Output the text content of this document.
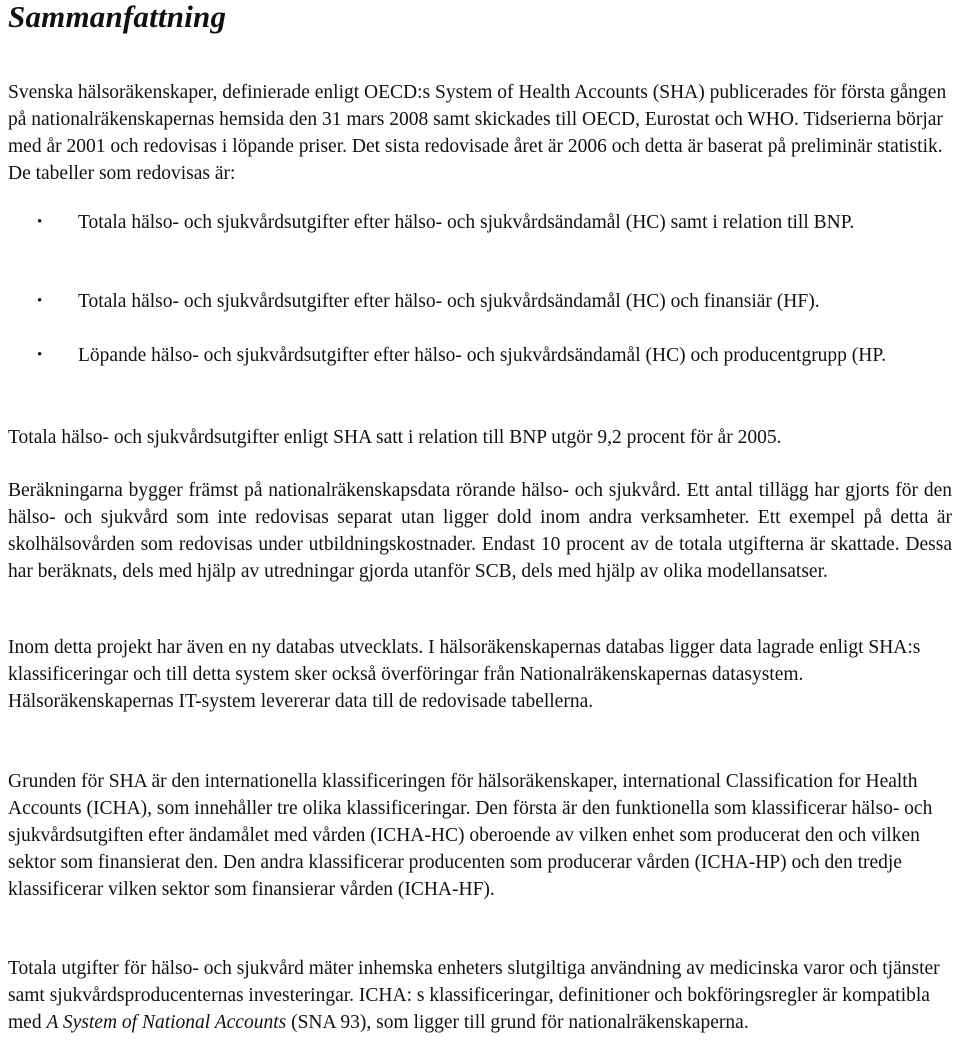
Sammanfattning

Svenska hälsoräkenskaper, definierade enligt OECD:s System of Health Accounts (SHA) publicerades för första gången på nationalräkenskapernas hemsida den 31 mars 2008 samt skickades till OECD, Eurostat och WHO. Tidserierna börjar med år 2001 och redovisas i löpande priser. Det sista redovisade året är 2006 och detta är baserat på preliminär statistik. De tabeller som redovisas är:

• Totala hälso- och sjukvårdsutgifter efter hälso- och sjukvårdsändamål (HC) samt i relation till BNP.
• Totala hälso- och sjukvårdsutgifter efter hälso- och sjukvårdsändamål (HC) och finansiär (HF).
• Löpande hälso- och sjukvårdsutgifter efter hälso- och sjukvårdsändamål (HC) och producentgrupp (HP.

Totala hälso- och sjukvårdsutgifter enligt SHA satt i relation till BNP utgör 9,2 procent för år 2005.

Beräkningarna bygger främst på nationalräkenskapsdata rörande hälso- och sjukvård. Ett antal tillägg har gjorts för den hälso- och sjukvård som inte redovisas separat utan ligger dold inom andra verksamheter. Ett exempel på detta är skolhälsovården som redovisas under utbildningskostnader. Endast 10 procent av de totala utgifterna är skattade. Dessa har beräknats, dels med hjälp av utredningar gjorda utanför SCB, dels med hjälp av olika modellansatser.

Inom detta projekt har även en ny databas utvecklats. I hälsoräkenskapernas databas ligger data lagrade enligt SHA:s klassificeringar och till detta system sker också överföringar från Nationalräkenskapernas datasystem. Hälsoräkenskapernas IT-system levererar data till de redovisade tabellerna.

Grunden för SHA är den internationella klassificeringen för hälsoräkenskaper, international Classification for Health Accounts (ICHA), som innehåller tre olika klassificeringar. Den första är den funktionella som klassificerar hälso- och sjukvårdsutgiften efter ändamålet med vården (ICHA-HC) oberoende av vilken enhet som producerat den och vilken sektor som finansierat den. Den andra klassificerar producenten som producerar vården (ICHA-HP) och den tredje klassificerar vilken sektor som finansierar vården (ICHA-HF).

Totala utgifter för hälso- och sjukvård mäter inhemska enheters slutgiltiga användning av medicinska varor och tjänster samt sjukvårdsproducenternas investeringar. ICHA: s klassificeringar, definitioner och bokföringsregler är kompatibla med A System of National Accounts (SNA 93), som ligger till grund för nationalräkenskaperna.
